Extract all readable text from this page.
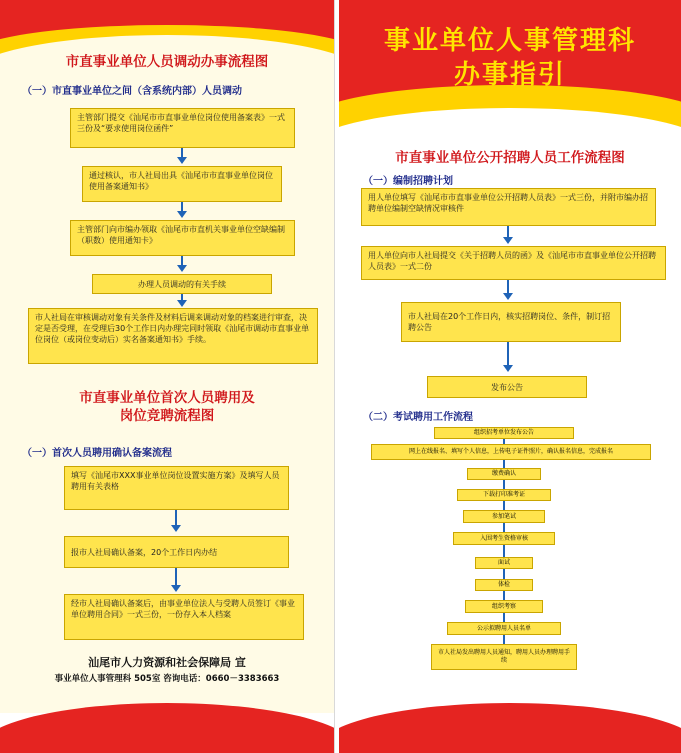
市直事业单位人员调动办事流程图
（一）市直事业单位之间（含系统内部）人员调动
主管部门提交《汕尾市市直事业单位岗位使用备案表》一式三份及“要求使用岗位函件”
通过核认，市人社局出具《汕尾市市直事业单位岗位使用备案通知书》
主管部门向市编办领取《汕尾市市直机关事业单位空缺编制（职数）使用通知卡》
办理人员调动的有关手续
市人社局在审核调动对象有关条件及材料后调来调动对象的档案进行审查，决定是否受理，在受理后30个工作日内办理完同时领取《汕尾市调动市直事业单位岗位（或岗位变动后）实名备案通知书》手续。
市直事业单位首次人员聘用及
岗位竞聘流程图
（一）首次人员聘用确认备案流程
填写《汕尾市XXX事业单位岗位设置实施方案》及填写人员聘用有关表格
报市人社局确认备案，20个工作日内办结
经市人社局确认备案后，由事业单位法人与受聘人员签订《事业单位聘用合同》一式三份，一份存入本人档案
汕尾市人力资源和社会保障局 宣
事业单位人事管理科 505室 咨询电话：0660－3383663
事业单位人事管理科
办事指引
市直事业单位公开招聘人员工作流程图
（一）编制招聘计划
用人单位填写《汕尾市市直事业单位公开招聘人员表》一式三份，并附市编办招聘单位编制空缺情况审核件
用人单位向市人社局提交《关于招聘人员的函》及《汕尾市市直事业单位公开招聘人员表》一式二份
市人社局在20个工作日内，核实招聘岗位、条件，制订招聘公告
发布公告
（二）考试聘用工作流程
组织招考单位发布公告
网上在线报名、填写个人信息，上传电子证件照片，确认报名信息，完成报名
缴费确认
下载打印准考证
参加笔试
入围考生资格审核
面试
体检
组织考察
公示拟聘用人员名单
市人社局发出聘用人员通知，聘用人员办理聘用手续
